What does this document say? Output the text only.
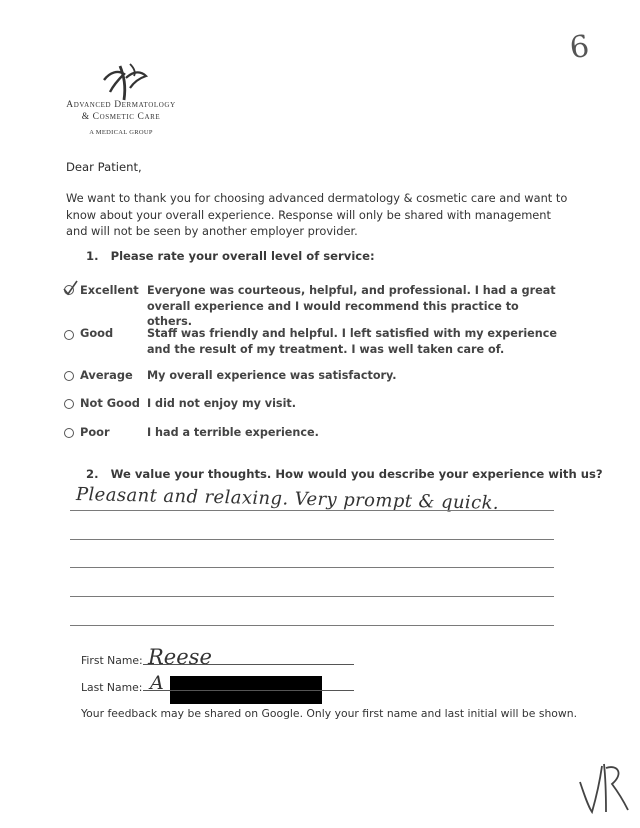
6
Advanced Dermatology
& Cosmetic Care
A MEDICAL GROUP
Dear Patient,
We want to thank you for choosing advanced dermatology & cosmetic care and want to know about your overall experience. Response will only be shared with management and will not be seen by another employer provider.
1.   Please rate your overall level of service:
Excellent Everyone was courteous, helpful, and professional. I had a great overall experience and I would recommend this practice to others.
Good	Staff was friendly and helpful. I left satisfied with my experience and the result of my treatment. I was well taken care of.
Average My overall experience was satisfactory.
Not Good I did not enjoy my visit.
Poor	I had a terrible experience.
2.   We value your thoughts. How would you describe your experience with us?
Pleasant and relaxing. Very prompt & quick.
First Name: Reese
Last Name: A
Your feedback may be shared on Google. Only your first name and last initial will be shown.
